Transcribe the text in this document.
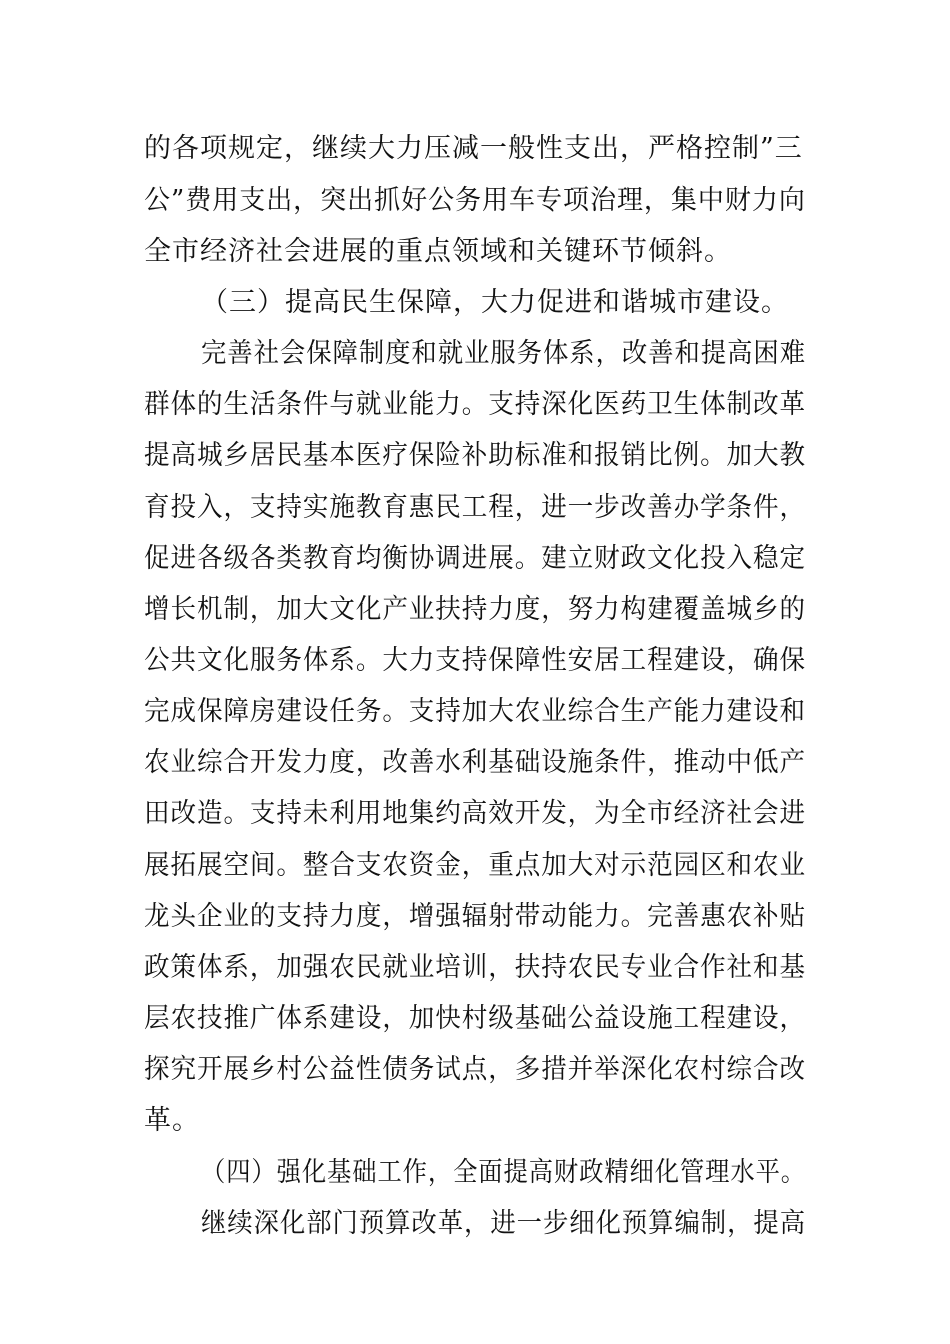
的各项规定，继续大力压减一般性支出，严格控制”三
公”费用支出，突出抓好公务用车专项治理，集中财力向
全市经济社会进展的重点领域和关键环节倾斜。
（三）提高民生保障，大力促进和谐城市建设。
完善社会保障制度和就业服务体系，改善和提高困难
群体的生活条件与就业能力。支持深化医药卫生体制改革
提高城乡居民基本医疗保险补助标准和报销比例。加大教
育投入，支持实施教育惠民工程，进一步改善办学条件，
促进各级各类教育均衡协调进展。建立财政文化投入稳定
增长机制，加大文化产业扶持力度，努力构建覆盖城乡的
公共文化服务体系。大力支持保障性安居工程建设，确保
完成保障房建设任务。支持加大农业综合生产能力建设和
农业综合开发力度，改善水利基础设施条件，推动中低产
田改造。支持未利用地集约高效开发，为全市经济社会进
展拓展空间。整合支农资金，重点加大对示范园区和农业
龙头企业的支持力度，增强辐射带动能力。完善惠农补贴
政策体系，加强农民就业培训，扶持农民专业合作社和基
层农技推广体系建设，加快村级基础公益设施工程建设，
探究开展乡村公益性债务试点，多措并举深化农村综合改
革。
（四）强化基础工作，全面提高财政精细化管理水平。
继续深化部门预算改革，进一步细化预算编制，提高
